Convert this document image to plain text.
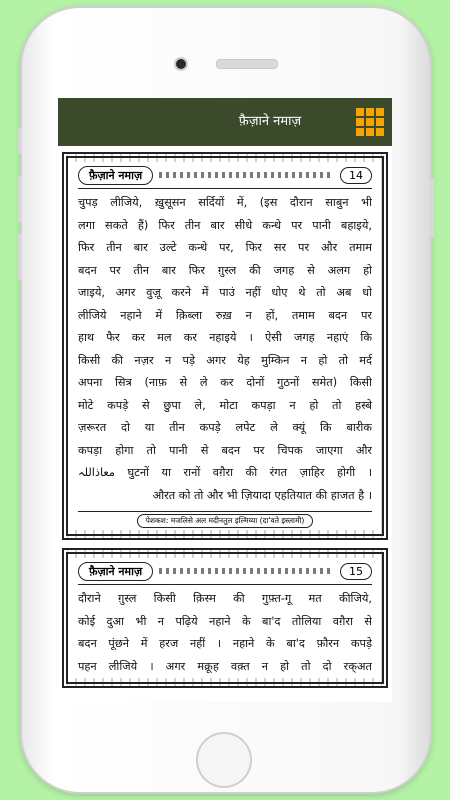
फ़ैज़ाने नमाज़
फ़ैज़ाने नमाज़	14

चुपड़ लीजिये, ख़ुसूसन सर्दियों में, (इस दौरान साबुन भी

लगा सकते हैं) फिर तीन बार सीधे कन्धे पर पानी बहाइये,

फिर तीन बार उल्टे कन्धे पर, फिर सर पर और तमाम

बदन पर तीन बार फिर ग़ुस्ल की जगह से अलग हो

जाइये, अगर वुज़ू करने में पाउं नहीं धोए थे तो अब धो

लीजिये नहाने में क़िब्ला रुख़ न हों, तमाम बदन पर

हाथ फैर कर मल कर नहाइये । ऐसी जगह नहाएं कि

किसी की नज़र न पड़े अगर येह मुम्किन न हो तो मर्द

अपना सित्र (नाफ़ से ले कर दोनों गुठनों समेत) किसी

मोटे कपड़े से छुपा ले, मोटा कपड़ा न हो तो हस्बे

ज़रूरत दो या तीन कपड़े लपेट ले क्यूं कि बारीक

कपड़ा होगा तो पानी से बदन पर चिपक जाएगा और

معاذاللہ घुटनों या रानों वग़ैरा की रंगत ज़ाहिर होगी ।

औरत को तो और भी ज़ियादा एहतियात की हाजत है ।

पेशकश: मजलिसे अल मदीनतुल इल्मिय्या (दा'वते इस्लामी)
फ़ैज़ाने नमाज़	15

दौराने ग़ुस्ल किसी क़िस्म की गुफ़्त-गू मत कीजिये,

कोई दुआ भी न पढ़िये नहाने के बा'द तोलिया वग़ैरा से

बदन पूंछने में हरज नहीं । नहाने के बा'द फ़ौरन कपड़े

पहन लीजिये । अगर मक्रूह वक़्त न हो तो दो रक्अत
